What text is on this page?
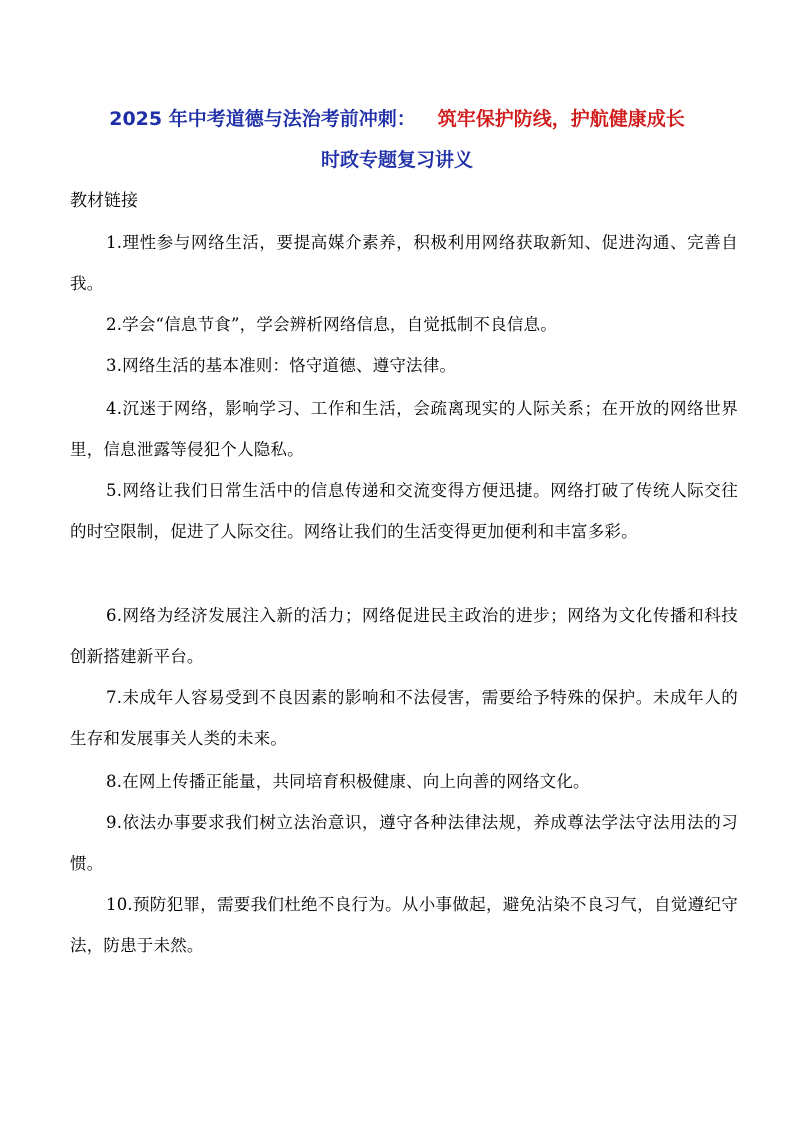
2025 年中考道德与法治考前冲刺： 筑牢保护防线，护航健康成长
时政专题复习讲义
教材链接

1.理性参与网络生活，要提高媒介素养，积极利用网络获取新知、促进沟通、完善自我。

2.学会“信息节食”，学会辨析网络信息，自觉抵制不良信息。

3.网络生活的基本准则：恪守道德、遵守法律。

4.沉迷于网络，影响学习、工作和生活，会疏离现实的人际关系；在开放的网络世界里，信息泄露等侵犯个人隐私。

5.网络让我们日常生活中的信息传递和交流变得方便迅捷。网络打破了传统人际交往的时空限制，促进了人际交往。网络让我们的生活变得更加便利和丰富多彩。

6.网络为经济发展注入新的活力；网络促进民主政治的进步；网络为文化传播和科技创新搭建新平台。

7.未成年人容易受到不良因素的影响和不法侵害，需要给予特殊的保护。未成年人的生存和发展事关人类的未来。

8.在网上传播正能量，共同培育积极健康、向上向善的网络文化。

9.依法办事要求我们树立法治意识，遵守各种法律法规，养成尊法学法守法用法的习惯。

10.预防犯罪，需要我们杜绝不良行为。从小事做起，避免沾染不良习气，自觉遵纪守法，防患于未然。
